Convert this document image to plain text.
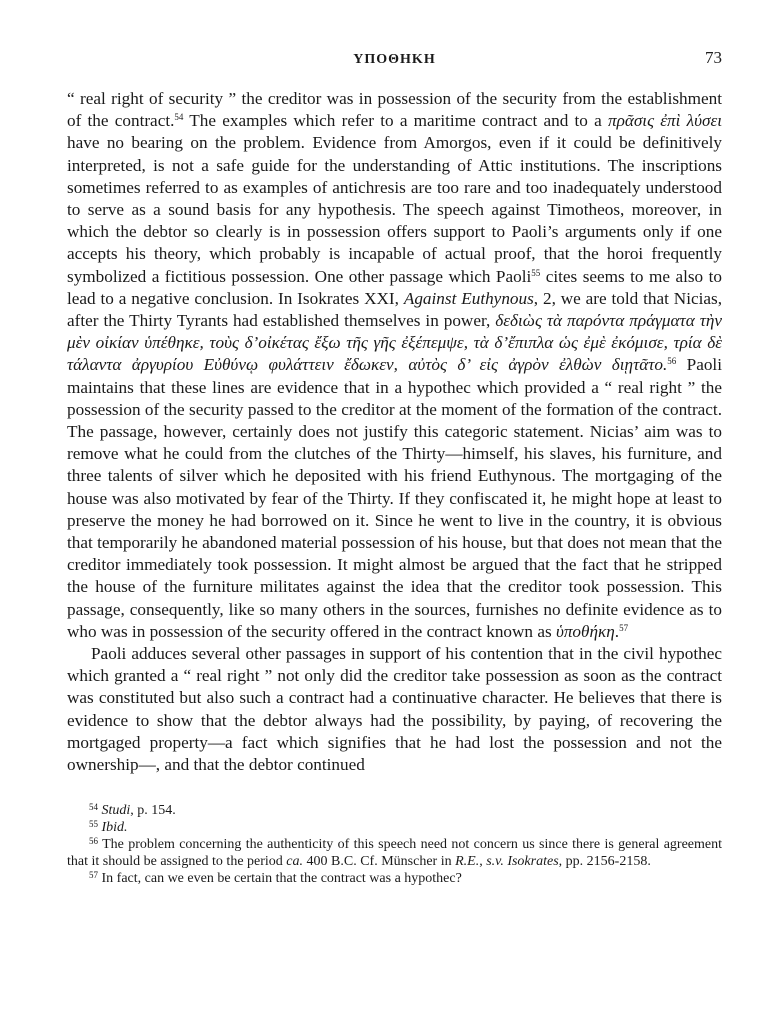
ΥΠΟΘΗΚΗ	73

“ real right of security ” the creditor was in possession of the security from the establishment of the contract.$^{54}$ The examples which refer to a maritime contract and to a πρᾶσις ἐπὶ λύσει have no bearing on the problem. Evidence from Amorgos, even if it could be definitively interpreted, is not a safe guide for the understanding of Attic institutions. The inscriptions sometimes referred to as examples of antichresis are too rare and too inadequately understood to serve as a sound basis for any hypothesis. The speech against Timotheos, moreover, in which the debtor so clearly is in possession offers support to Paoli’s arguments only if one accepts his theory, which probably is incapable of actual proof, that the horoi frequently symbolized a fictitious possession. One other passage which Paoli$^{55}$ cites seems to me also to lead to a negative conclusion. In Isokrates XXI, Against Euthynous, 2, we are told that Nicias, after the Thirty Tyrants had established themselves in power, δεδιὼς τὰ παρόντα πράγματα τὴν μὲν οἰκίαν ὑπέθηκε, τοὺς δ’οἰκέτας ἔξω τῆς γῆς ἐξέπεμψε, τὰ δ’ἔπιπλα ὡς ἐμὲ ἐκόμισε, τρία δὲ τάλαντα ἀργυρίου Εὐθύνῳ φυλάττειν ἔδωκεν, αὐτὸς δ’ εἰς ἀγρὸν ἐλθὼν διῃτᾶτο.$^{56}$ Paoli maintains that these lines are evidence that in a hypothec which provided a “ real right ” the possession of the security passed to the creditor at the moment of the formation of the contract. The passage, however, certainly does not justify this categoric statement. Nicias’ aim was to remove what he could from the clutches of the Thirty—himself, his slaves, his furniture, and three talents of silver which he deposited with his friend Euthynous. The mortgaging of the house was also motivated by fear of the Thirty. If they confiscated it, he might hope at least to preserve the money he had borrowed on it. Since he went to live in the country, it is obvious that temporarily he abandoned material possession of his house, but that does not mean that the creditor immediately took possession. It might almost be argued that the fact that he stripped the house of the furniture militates against the idea that the creditor took possession. This passage, consequently, like so many others in the sources, furnishes no definite evidence as to who was in possession of the security offered in the contract known as ὑποθήκη.$^{57}$

Paoli adduces several other passages in support of his contention that in the civil hypothec which granted a “ real right ” not only did the creditor take possession as soon as the contract was constituted but also such a contract had a continuative character. He believes that there is evidence to show that the debtor always had the possibility, by paying, of recovering the mortgaged property—a fact which signifies that he had lost the possession and not the ownership—, and that the debtor continued

$^{54}$ Studi, p. 154.

$^{55}$ Ibid.

$^{56}$ The problem concerning the authenticity of this speech need not concern us since there is general agreement that it should be assigned to the period ca. 400 B.C. Cf. Münscher in R.E., s.v. Isokrates, pp. 2156-2158.

$^{57}$ In fact, can we even be certain that the contract was a hypothec?
